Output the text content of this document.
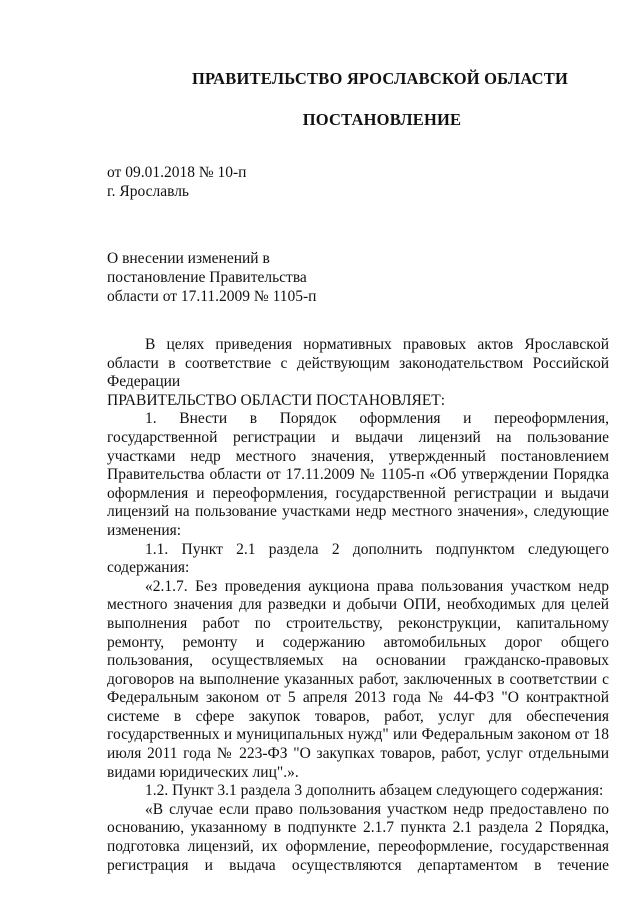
ПРАВИТЕЛЬСТВО ЯРОСЛАВСКОЙ ОБЛАСТИ
ПОСТАНОВЛЕНИЕ

от 09.01.2018 № 10-п

г. Ярославль

О внесении изменений в
постановление Правительства
области от 17.11.2009 № 1105-п

В целях приведения нормативных правовых актов Ярославской области в соответствие с действующим законодательством Российской Федерации

ПРАВИТЕЛЬСТВО ОБЛАСТИ ПОСТАНОВЛЯЕТ:

1. Внести в Порядок оформления и переоформления, государственной регистрации и выдачи лицензий на пользование участками недр местного значения, утвержденный постановлением Правительства области от 17.11.2009 № 1105-п «Об утверждении Порядка оформления и переоформления, государственной регистрации и выдачи лицензий на пользование участками недр местного значения», следующие изменения:

1.1. Пункт 2.1 раздела 2 дополнить подпунктом следующего содержания:

«2.1.7. Без проведения аукциона права пользования участком недр местного значения для разведки и добычи ОПИ, необходимых для целей выполнения работ по строительству, реконструкции, капитальному ремонту, ремонту и содержанию автомобильных дорог общего пользования, осуществляемых на основании гражданско-правовых договоров на выполнение указанных работ, заключенных в соответствии с Федеральным законом от 5 апреля 2013 года № 44-ФЗ "О контрактной системе в сфере закупок товаров, работ, услуг для обеспечения государственных и муниципальных нужд" или Федеральным законом от 18 июля 2011 года № 223-ФЗ "О закупках товаров, работ, услуг отдельными видами юридических лиц".».

1.2. Пункт 3.1 раздела 3 дополнить абзацем следующего содержания:

«В случае если право пользования участком недр предоставлено по основанию, указанному в подпункте 2.1.7 пункта 2.1 раздела 2 Порядка, подготовка лицензий, их оформление, переоформление, государственная регистрация и выдача осуществляются департаментом в течение
